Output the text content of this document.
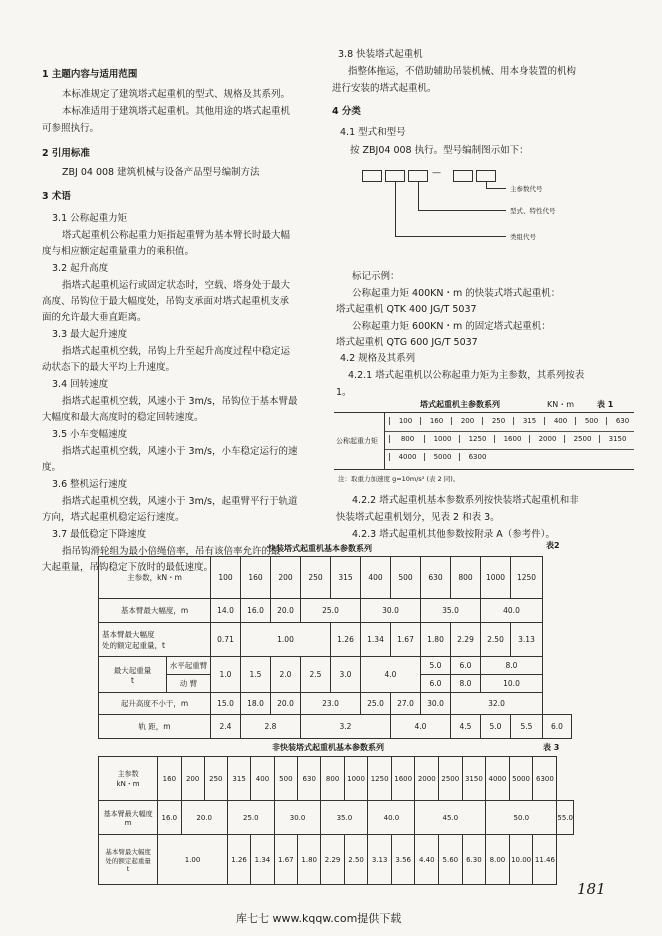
1 主题内容与适用范围
本标准规定了建筑塔式起重机的型式、规格及其系列。
本标准适用于建筑塔式起重机。其他用途的塔式起重机
可参照执行。
2 引用标准
ZBJ 04 008 建筑机械与设备产品型号编制方法
3 术语
3.1 公称起重力矩
塔式起重机公称起重力矩指起重臂为基本臂长时最大幅
度与相应额定起重量重力的乘积值。
3.2 起升高度
指塔式起重机运行或固定状态时，空载、塔身处于最大
高度、吊钩位于最大幅度处，吊钩支承面对塔式起重机支承
面的允许最大垂直距离。
3.3 最大起升速度
指塔式起重机空载，吊钩上升至起升高度过程中稳定运
动状态下的最大平均上升速度。
3.4 回转速度
指塔式起重机空载，风速小于 3m/s，吊钩位于基本臂最
大幅度和最大高度时的稳定回转速度。
3.5 小车变幅速度
指塔式起重机空载，风速小于 3m/s，小车稳定运行的速
度。
3.6 整机运行速度
指塔式起重机空载，风速小于 3m/s，起重臂平行于轨道
方向，塔式起重机稳定运行速度。
3.7 最低稳定下降速度
指吊钩滑轮组为最小倍绳倍率，吊有该倍率允许的最
大起重量，吊钩稳定下放时的最低速度。
3.8 快装塔式起重机
指整体拖运，不借助辅助吊装机械、用本身装置的机构
进行安装的塔式起重机。
4 分类
4.1 型式和型号
按 ZBJ04 008 执行。型号编制图示如下：
—
主参数代号
型式、特性代号
类组代号
标记示例：
公称起重力矩 400KN・m 的快装式塔式起重机：
塔式起重机 QTK 400 JG/T 5037
公称起重力矩 600KN・m 的固定塔式起重机：
塔式起重机 QTG 600 JG/T 5037
4.2 规格及其系列
4.2.1 塔式起重机以公称起重力矩为主参数，其系列按表
1。
塔式起重机主参数系列	KN・m	表 1
公称起重力矩
100	160	200	250	315	400	500	630
800	1000	1250	1600	2000	2500	3150
4000	5000	6300
注：取重力加速度 g=10m/s² (表 2 同)。
4.2.2 塔式起重机基本参数系列按快装塔式起重机和非
快装塔式起重机划分，见表 2 和表 3。
4.2.3 塔式起重机其他参数按附录 A（参考件）。
快装塔式起重机基本参数系列	表2
主参数，kN・m		100	160	200	250	315	400	500	630	800	1000	1250	
基本臂最大幅度，m		14.0	16.0	20.0	25.0		30.0		35.0		40.0		

基本臂最大幅度
处的额定起重量，t		0.71	1.00			1.26	1.34	1.67	1.80	2.29	2.50	3.13	

最大起重量
t	水平起重臂	1.0	1.5	2.0	2.5	3.0	4.0		5.0	6.0	8.0		
	动 臂								6.0	8.0	10.0		
起升高度不小于，m		15.0	18.0	20.0	23.0		25.0	27.0	30.0	32.0			
轨 距，m		2.4	2.8		3.2			4.0		4.5	5.0	5.5	6.0
非快装塔式起重机基本参数系列	表 3
主参数
kN・m	160	200	250	315	400	500	630	800	1000	1250	1600	2000	2500	3150	4000	5000	6300	

基本臂最大幅度
m	16.0	20.0		25.0		30.0		35.0		40.0		45.0			50.0			55.0

基本臂最大幅度
处的额定起重量
t	1.00			1.26	1.34	1.67	1.80	2.29	2.50	3.13	3.56	4.40	5.60	6.30	8.00	10.00	11.46	
181
库七七 www.kqqw.com提供下载
